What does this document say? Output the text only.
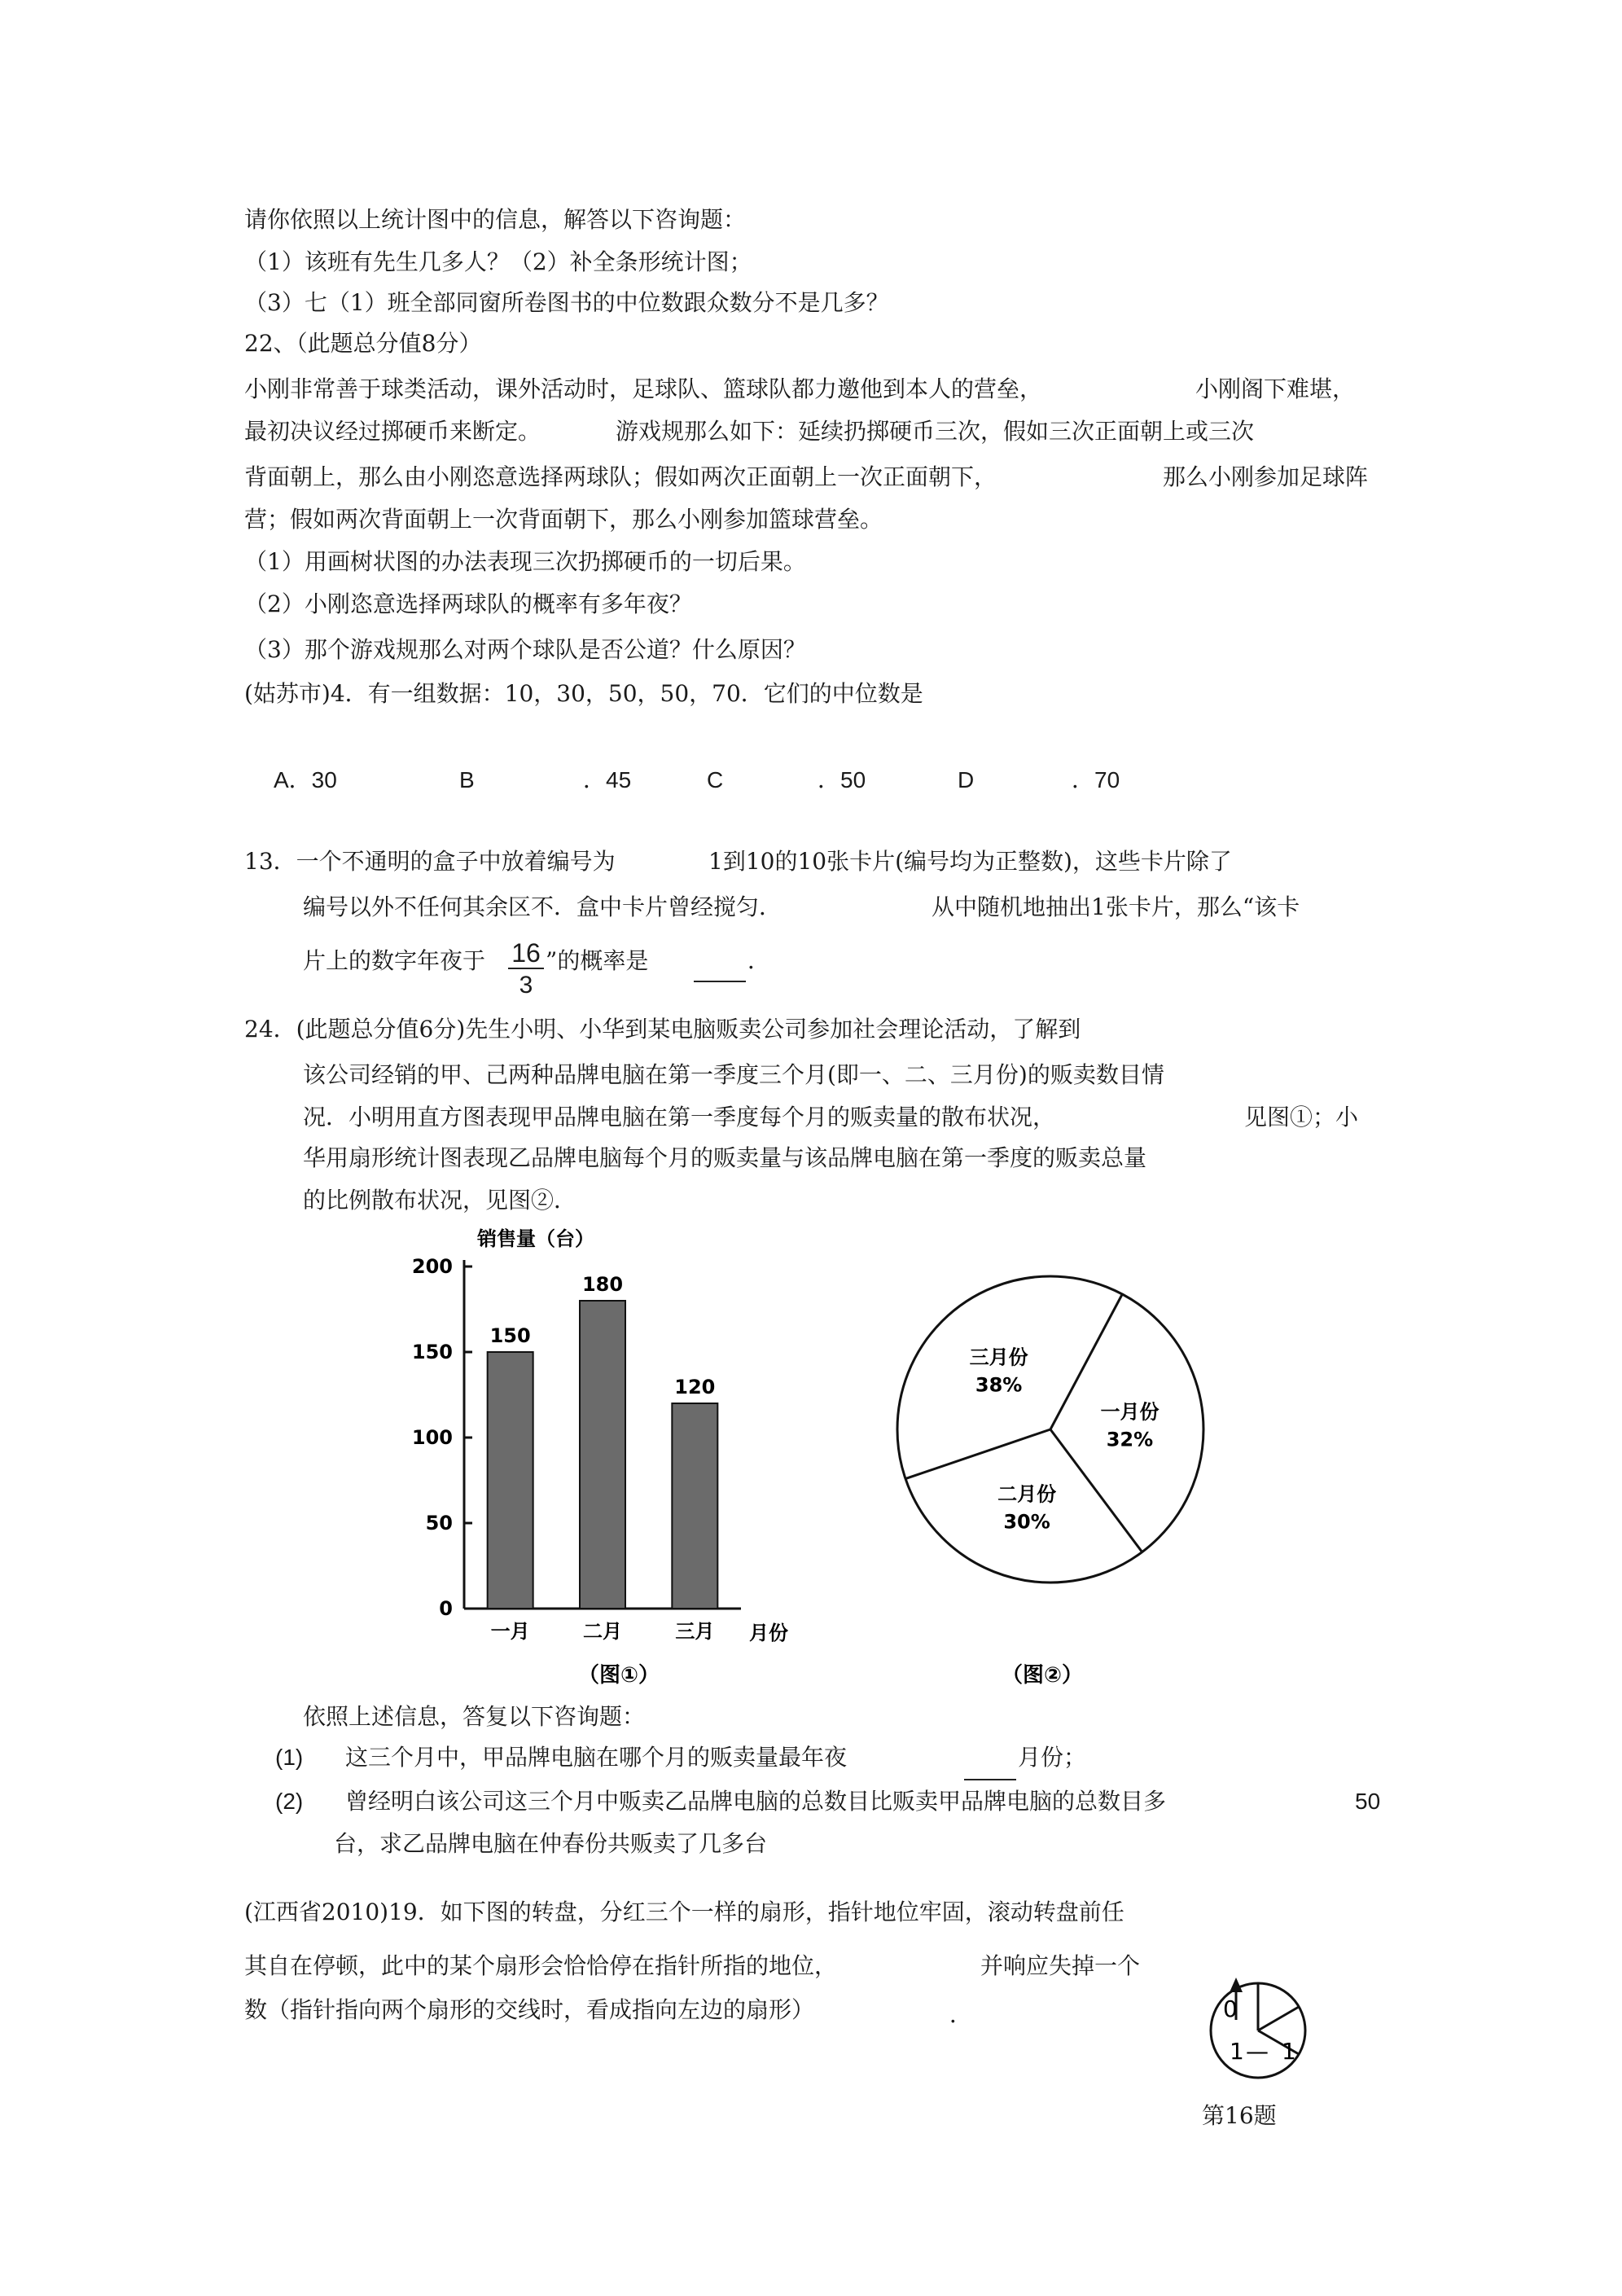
请你依照以上统计图中的信息，解答以下咨询题：
（1）该班有先生几多人？（2）补全条形统计图；
（3）七（1）班全部同窗所卷图书的中位数跟众数分不是几多？
22、（此题总分值8分）
小刚非常善于球类活动，课外活动时，足球队、篮球队都力邀他到本人的营垒，	小刚阁下难堪，
最初决议经过掷硬币来断定。	游戏规那么如下：延续扔掷硬币三次，假如三次正面朝上或三次
背面朝上，那么由小刚恣意选择两球队；假如两次正面朝上一次正面朝下，	那么小刚参加足球阵
营；假如两次背面朝上一次背面朝下，那么小刚参加篮球营垒。
（1）用画树状图的办法表现三次扔掷硬币的一切后果。
（2）小刚恣意选择两球队的概率有多年夜？
（3）那个游戏规那么对两个球队是否公道？什么原因？
(姑苏市)4．有一组数据：10，30，50，50，70．它们的中位数是
A．30	B	．45	C	．50	D	．70
13．一个不通明的盒子中放着编号为	1到10的10张卡片(编号均为正整数)，这些卡片除了
编号以外不任何其余区不．盒中卡片曾经搅匀．	从中随机地抽出1张卡片，那么“该卡
片上的数字年夜于 $\frac{16}{3}$ ”的概率是	．
24．(此题总分值6分)先生小明、小华到某电脑贩卖公司参加社会理论活动，了解到
该公司经销的甲、己两种品牌电脑在第一季度三个月(即一、二、三月份)的贩卖数目情
况．小明用直方图表现甲品牌电脑在第一季度每个月的贩卖量的散布状况，	见图①；小
华用扇形统计图表现乙品牌电脑每个月的贩卖量与该品牌电脑在第一季度的贩卖总量
的比例散布状况，见图②．
销售量（台）
0
50
100
150
200
150
一月
180
二月
120
三月 月份
（图①）
一月份
32%
二月份
30%
三月份
38%
（图②）
依照上述信息，答复以下咨询题：
(1) 这三个月中，甲品牌电脑在哪个月的贩卖量最年夜	月份；
(2) 曾经明白该公司这三个月中贩卖乙品牌电脑的总数目比贩卖甲品牌电脑的总数目多	50
台，求乙品牌电脑在仲春份共贩卖了几多台
(江西省2010)19．如下图的转盘，分红三个一样的扇形，指针地位牢固，滚动转盘前任
其自在停顿，此中的某个扇形会恰恰停在指针所指的地位，	并响应失掉一个
数（指针指向两个扇形的交线时，看成指向左边的扇形）	．	0
1 — 1
第16题
